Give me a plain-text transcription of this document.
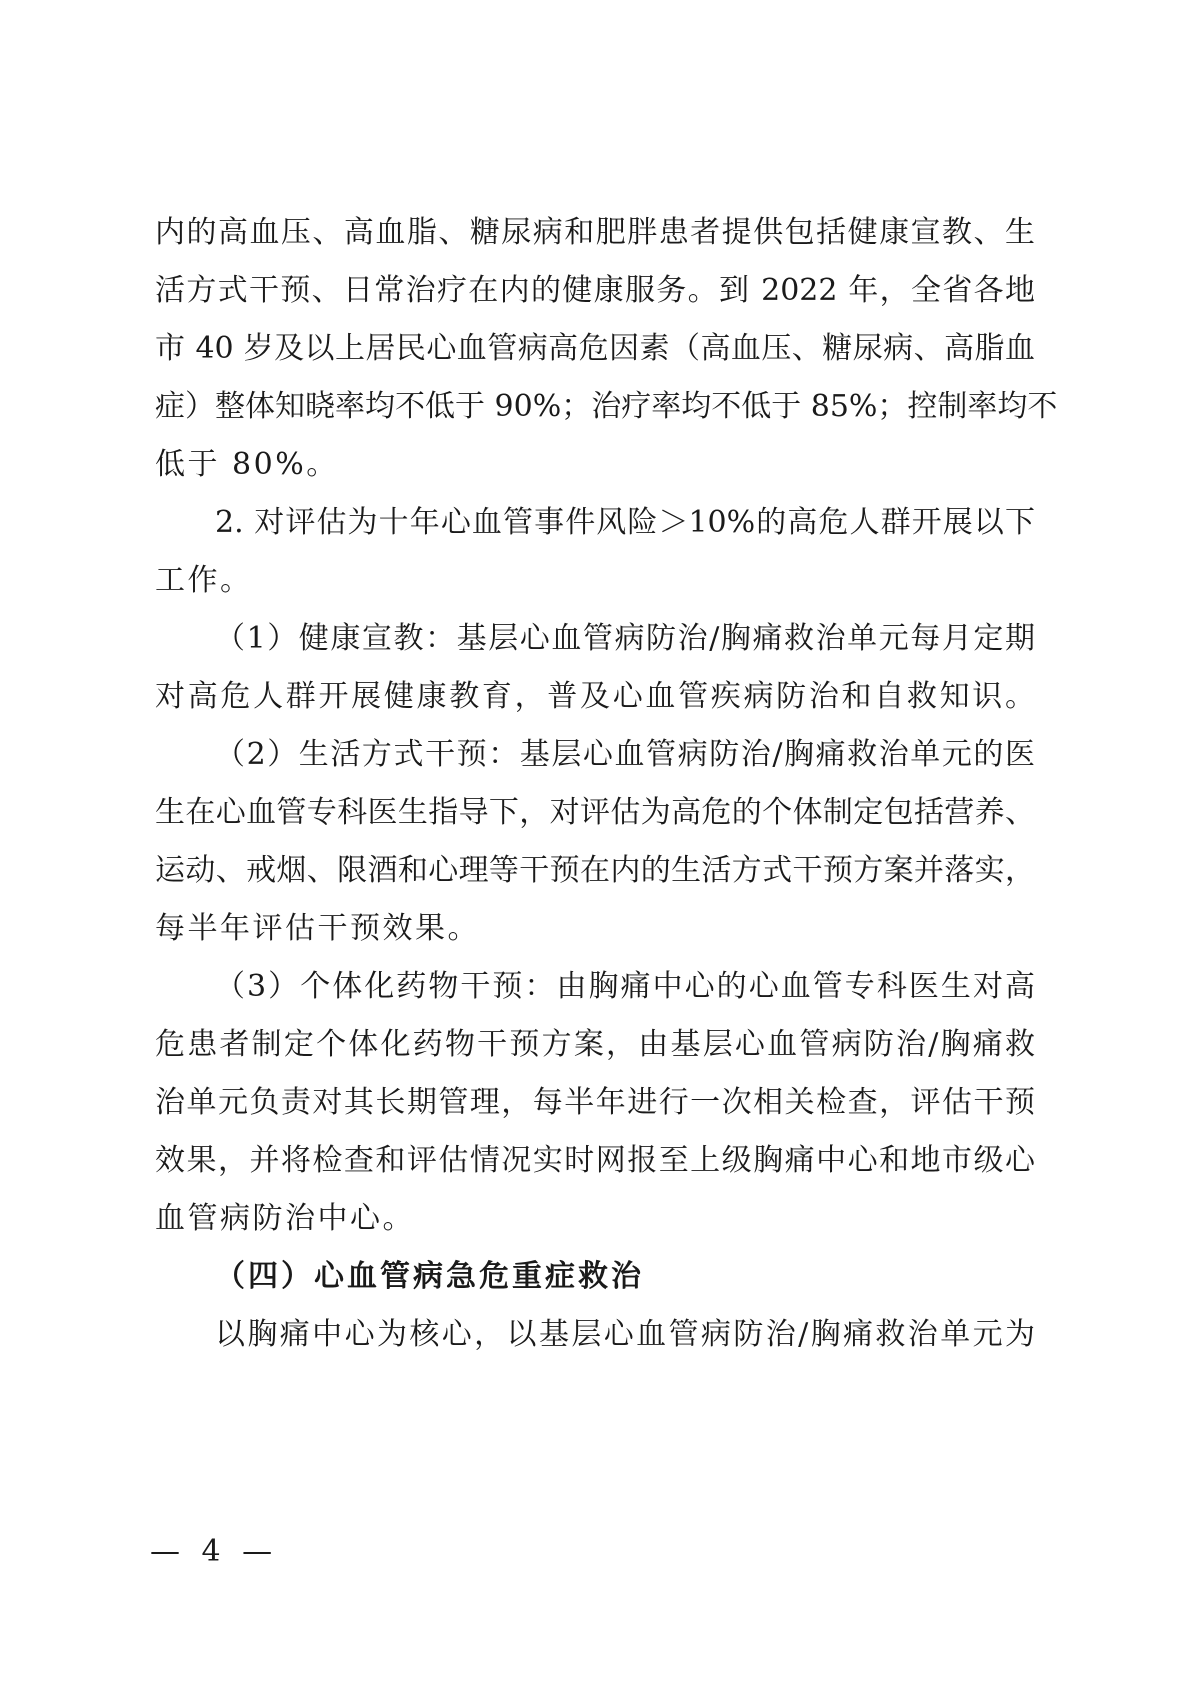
内的高血压、高血脂、糖尿病和肥胖患者提供包括健康宣教、生
活方式干预、日常治疗在内的健康服务。到 2022 年，全省各地
市 40 岁及以上居民心血管病高危因素（高血压、糖尿病、高脂血
症）整体知晓率均不低于 90%；治疗率均不低于 85%；控制率均不
低于 80%。
2. 对评估为十年心血管事件风险＞10%的高危人群开展以下
工作。
（1）健康宣教：基层心血管病防治/胸痛救治单元每月定期
对高危人群开展健康教育，普及心血管疾病防治和自救知识。
（2）生活方式干预：基层心血管病防治/胸痛救治单元的医
生在心血管专科医生指导下，对评估为高危的个体制定包括营养、
运动、戒烟、限酒和心理等干预在内的生活方式干预方案并落实，
每半年评估干预效果。
（3）个体化药物干预：由胸痛中心的心血管专科医生对高
危患者制定个体化药物干预方案，由基层心血管病防治/胸痛救
治单元负责对其长期管理，每半年进行一次相关检查，评估干预
效果，并将检查和评估情况实时网报至上级胸痛中心和地市级心
血管病防治中心。
（四）心血管病急危重症救治
以胸痛中心为核心，以基层心血管病防治/胸痛救治单元为
— 4 —
